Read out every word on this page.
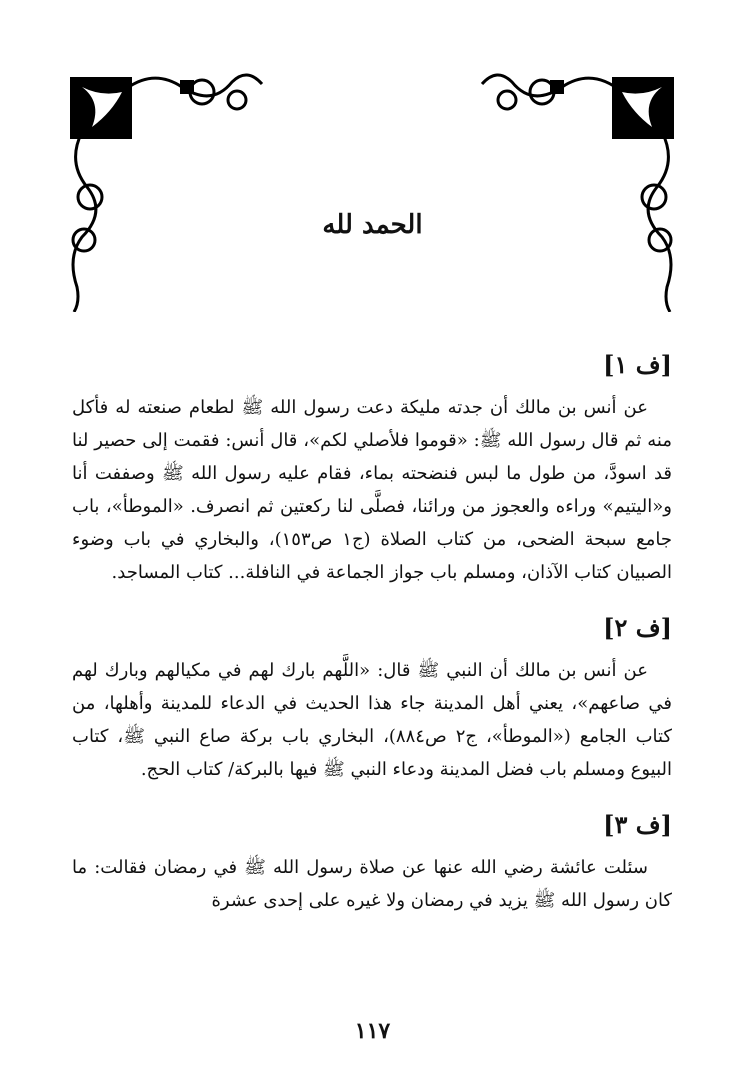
الحمد لله

[ف ١]

عن أنس بن مالك أن جدته مليكة دعت رسول الله ﷺ لطعام صنعته له فأكل منه ثم قال رسول الله ﷺ: «قوموا فلأصلي لكم»، قال أنس: فقمت إلى حصير لنا قد اسودَّ، من طول ما لبس فنضحته بماء، فقام عليه رسول الله ﷺ وصففت أنا و«اليتيم» وراءه والعجوز من ورائنا، فصلَّى لنا ركعتين ثم انصرف. «الموطأ»، باب جامع سبحة الضحى، من كتاب الصلاة (ج١ ص١٥٣)، والبخاري في باب وضوء الصبيان كتاب الآذان، ومسلم باب جواز الجماعة في النافلة... كتاب المساجد.

[ف ٢]

عن أنس بن مالك أن النبي ﷺ قال: «اللَّهم بارك لهم في مكيالهم وبارك لهم في صاعهم»، يعني أهل المدينة جاء هذا الحديث في الدعاء للمدينة وأهلها، من كتاب الجامع («الموطأ»، ج٢ ص٨٨٤)، البخاري باب بركة صاع النبي ﷺ، كتاب البيوع ومسلم باب فضل المدينة ودعاء النبي ﷺ فيها بالبركة/ كتاب الحج.

[ف ٣]

سئلت عائشة رضي الله عنها عن صلاة رسول الله ﷺ في رمضان فقالت: ما كان رسول الله ﷺ يزيد في رمضان ولا غيره على إحدى عشرة

١١٧
